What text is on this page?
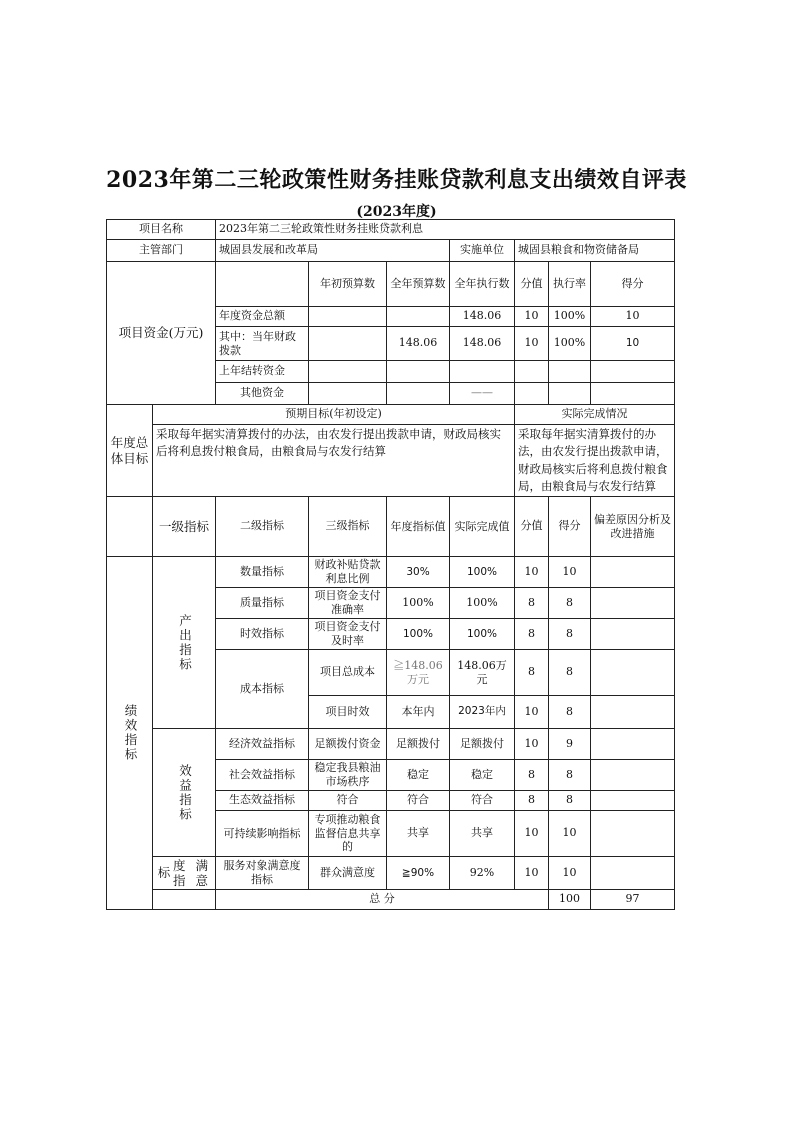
2023年第二三轮政策性财务挂账贷款利息支出绩效自评表
(2023年度)
项目名称		2023年第二三轮政策性财务挂账贷款利息							
主管部门		城固县发展和改革局			实施单位	城固县粮食和物资储备局			
项目资金(万元)			年初预算数	全年预算数	全年执行数	分值	执行率	得分	
		年度资金总额			148.06	10	100%	10	
		其中：当年财政拨款		148.06	148.06	10	100%	10	
		上年结转资金							
		其他资金			——				
年度总体目标	预期目标(年初设定)					实际完成情况			
	采取每年据实清算拨付的办法，由农发行提出拨款申请，财政局核实后将利息拨付粮食局，由粮食局与农发行结算					采取每年据实清算拨付的办法，由农发行提出拨款申请，财政局核实后将利息拨付粮食局，由粮食局与农发行结算			
	一级指标	二级指标	三级指标	年度指标值	实际完成值	分值	得分	偏差原因分析及改进措施	
绩效指标	产出指标	数量指标	财政补贴贷款利息比例	30%	100%	10	10		
		质量指标	项目资金支付准确率	100%	100%	8	8		
		时效指标	项目资金支付及时率	100%	100%	8	8		
		成本指标	项目总成本	≧148.06万元	148.06万元	8	8		
			项目时效	本年内	2023年内	10	8		
	效益指标	经济效益指标	足额拨付资金	足额拨付	足额拨付	10	9		
		社会效益指标	稳定我县粮油市场秩序	稳定	稳定	8	8		
		生态效益指标	符合	符合	符合	8	8		
		可持续影响指标	专项推动粮食监督信息共享的	共享	共享	10	10		
	标 度 满指 意	服务对象满意度指标	群众满意度	≧90%	92%	10	10		
		总 分					100	97	
